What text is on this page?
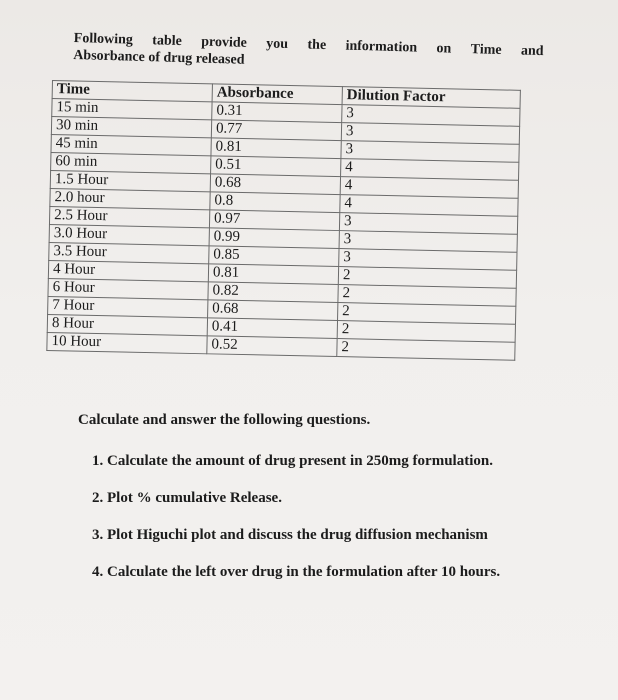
Following table provide you the information on Time and
Absorbance of drug released
Time	Absorbance	Dilution Factor
15 min	0.31	3
30 min	0.77	3
45 min	0.81	3
60 min	0.51	4
1.5 Hour	0.68	4
2.0 hour	0.8	4
2.5 Hour	0.97	3
3.0 Hour	0.99	3
3.5 Hour	0.85	3
4 Hour	0.81	2
6 Hour	0.82	2
7 Hour	0.68	2
8 Hour	0.41	2
10 Hour	0.52	2
Calculate and answer the following questions.
1. Calculate the amount of drug present in 250mg formulation.
2. Plot % cumulative Release.
3. Plot Higuchi plot and discuss the drug diffusion mechanism
4. Calculate the left over drug in the formulation after 10 hours.
